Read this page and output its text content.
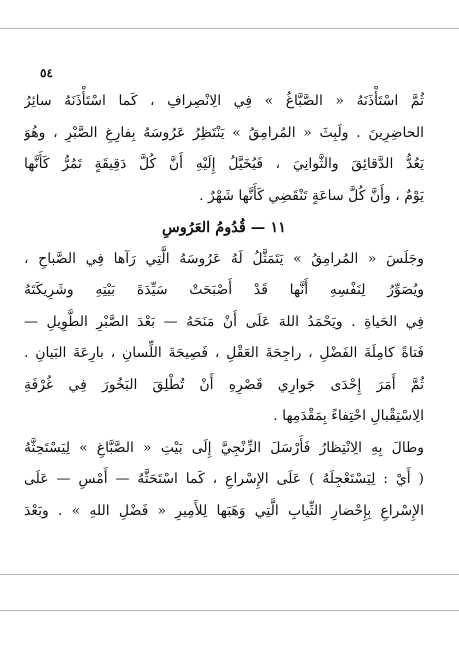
٥٤
ثُمَّ اسْتَأْذَنَهُ « الصَّبَّاغُ » فِي الِانْصِرافِ ، كَما اسْتَأْذَنَهُ سائِرُ
الحاضِرِينَ . ولَبِثَ « المُرامِقُ » يَنْتَظِرُ عَرُوسَهُ بِفارِغِ الصَّبْرِ ، وهُوَ
يَعُدُّ الدَّقائِقَ والثَّوانِيَ ، فَيُخَيَّلُ إِلَيْهِ أَنَّ كُلَّ دَقِيقَةٍ تَمُرُّ كَأَنَّها
يَوْمٌ ، وأَنَّ كُلَّ ساعَةٍ تَنْقَضِي كَأَنَّها شَهْرٌ .
١١ — قُدُومُ العَرُوسِ
وجَلَسَ « المُرامِقُ » يَتَمَثَّلُ لَهُ عَرُوسَهُ الَّتِي رَآها فِي الصَّباحِ ،
ويُصَوِّرُ لِنَفْسِهِ أَنَّها قَدْ أَصْبَحَتْ سَيِّدَةَ بَيْتِهِ وشَرِيكَتَهُ
فِي الحَياةِ . ويَحْمَدُ اللهَ عَلَى أَنْ مَنَحَهُ — بَعْدَ الصَّبْرِ الطَّوِيلِ —
فَتاةً كامِلَةَ الفَضْلِ ، راجِحَةَ العَقْلِ ، فَصِيحَةَ اللِّسانِ ، بارِعَةَ البَيانِ .
ثُمَّ أَمَرَ إِحْدَى جَوارِي قَصْرِهِ أَنْ تُطْلِقَ البَخُورَ فِي غُرْفَةِ
الِاسْتِقْبالِ احْتِفاءً بِمَقْدَمِها .
وطالَ بِهِ الِانْتِظارُ فَأَرْسَلَ الزِّنْجِيَّ إِلَى بَيْتِ « الصَّبَّاغِ » لِيَسْتَحِثَّهُ
( أَيْ : لِيَسْتَعْجِلَهُ ) عَلَى الإِسْراعِ ، كَما اسْتَحَثَّهُ — أَمْسِ — عَلَى
الإِسْراعِ بِإِحْضارِ الثِّيابِ الَّتِي وَهَبَها لِلأَمِيرِ « فَضْلِ اللهِ » . وبَعْدَ
